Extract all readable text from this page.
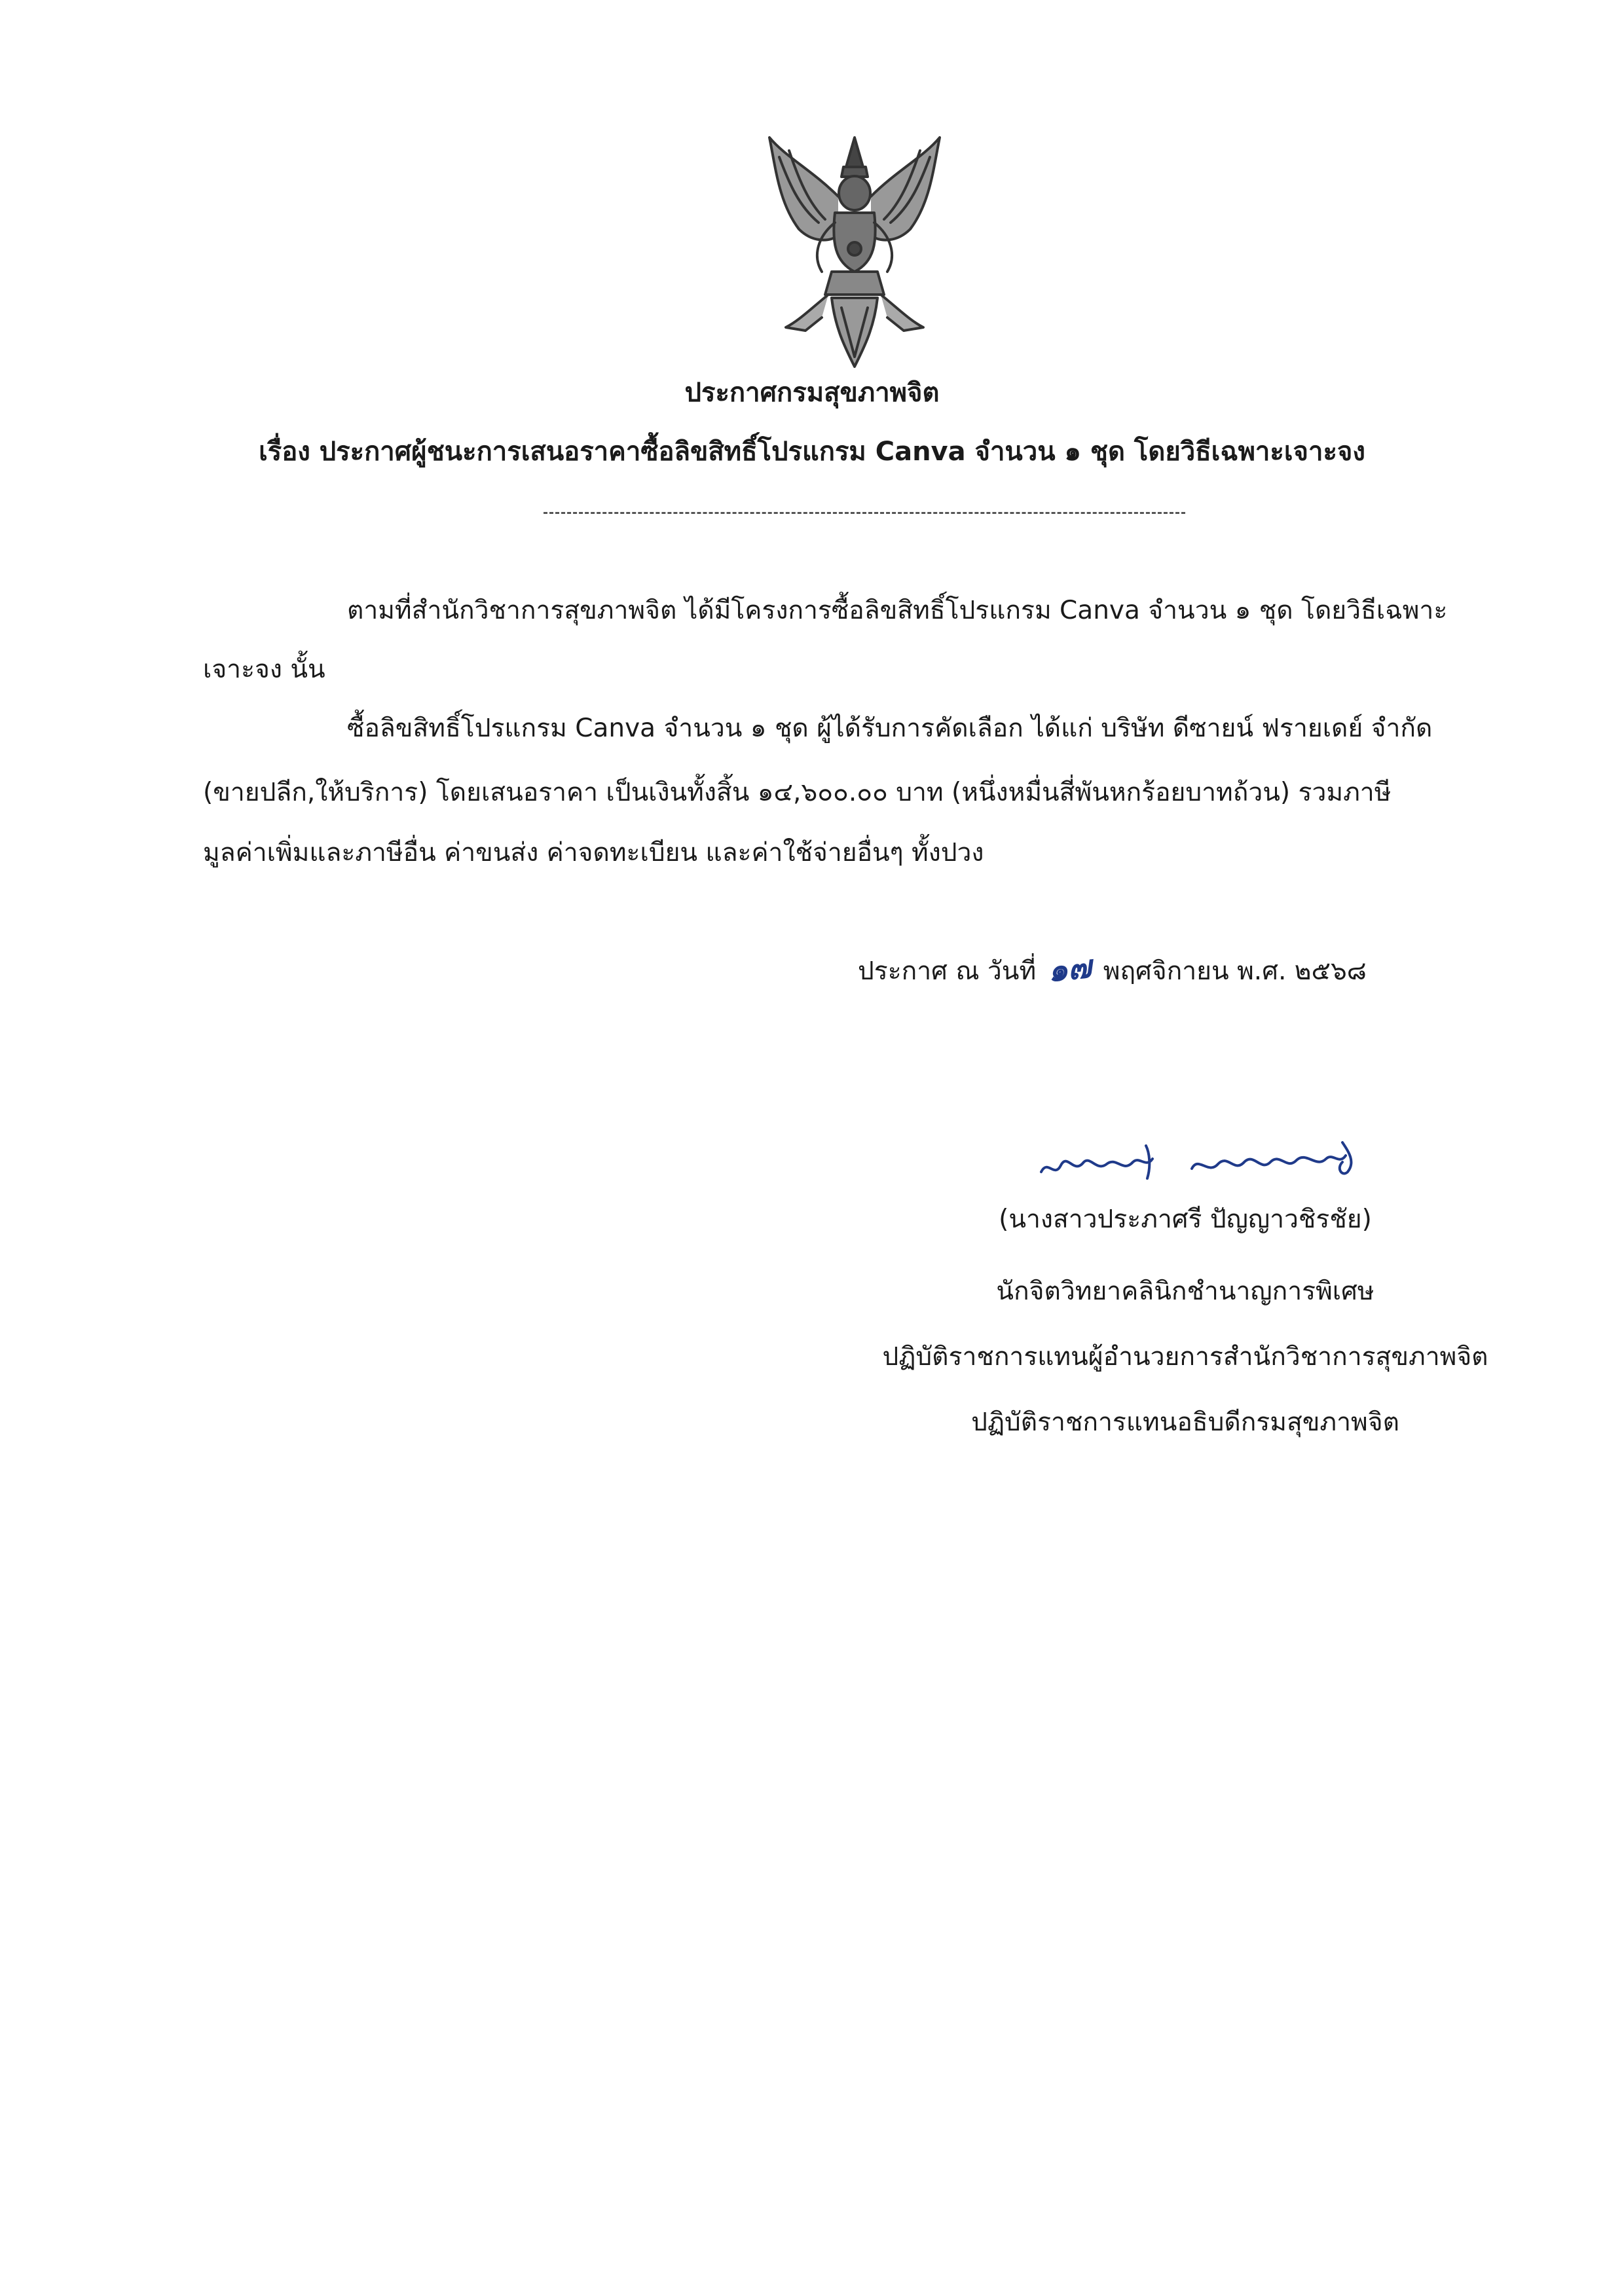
ประกาศกรมสุขภาพจิต
เรื่อง ประกาศผู้ชนะการเสนอราคาซื้อลิขสิทธิ์โปรแกรม Canva จำนวน ๑ ชุด โดยวิธีเฉพาะเจาะจง
ตามที่สำนักวิชาการสุขภาพจิต ได้มีโครงการซื้อลิขสิทธิ์โปรแกรม Canva จำนวน ๑ ชุด โดยวิธีเฉพาะ
เจาะจง นั้น
ซื้อลิขสิทธิ์โปรแกรม Canva จำนวน ๑ ชุด ผู้ได้รับการคัดเลือก ได้แก่ บริษัท ดีซายน์ ฟรายเดย์ จำกัด
(ขายปลีก,ให้บริการ) โดยเสนอราคา เป็นเงินทั้งสิ้น ๑๔,๖๐๐.๐๐ บาท (หนึ่งหมื่นสี่พันหกร้อยบาทถ้วน) รวมภาษี
มูลค่าเพิ่มและภาษีอื่น ค่าขนส่ง ค่าจดทะเบียน และค่าใช้จ่ายอื่นๆ ทั้งปวง
ประกาศ ณ วันที่ ๑๗ พฤศจิกายน พ.ศ. ๒๕๖๘
(นางสาวประภาศรี ปัญญาวชิรชัย)
นักจิตวิทยาคลินิกชำนาญการพิเศษ
ปฏิบัติราชการแทนผู้อำนวยการสำนักวิชาการสุขภาพจิต
ปฏิบัติราชการแทนอธิบดีกรมสุขภาพจิต
